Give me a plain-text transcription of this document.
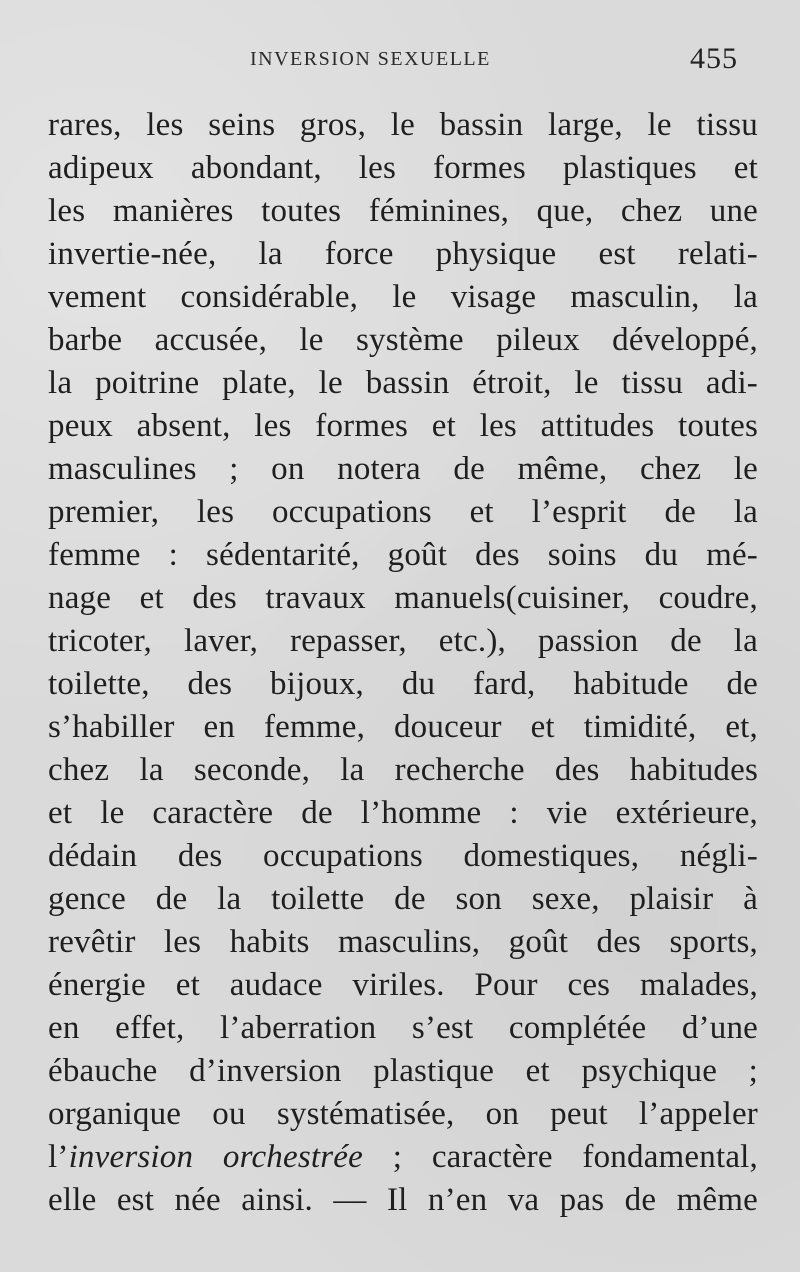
INVERSION SEXUELLE	455
rares, les seins gros, le bassin large, le tissu
adipeux abondant, les formes plastiques et
les manières toutes féminines, que, chez une
invertie-née, la force physique est relati-
vement considérable, le visage masculin, la
barbe accusée, le système pileux développé,
la poitrine plate, le bassin étroit, le tissu adi-
peux absent, les formes et les attitudes toutes
masculines ; on notera de même, chez le
premier, les occupations et l’esprit de la
femme : sédentarité, goût des soins du mé-
nage et des travaux manuels(cuisiner, coudre,
tricoter, laver, repasser, etc.), passion de la
toilette, des bijoux, du fard, habitude de
s’habiller en femme, douceur et timidité, et,
chez la seconde, la recherche des habitudes
et le caractère de l’homme : vie extérieure,
dédain des occupations domestiques, négli-
gence de la toilette de son sexe, plaisir à
revêtir les habits masculins, goût des sports,
énergie et audace viriles. Pour ces malades,
en effet, l’aberration s’est complétée d’une
ébauche d’inversion plastique et psychique ;
organique ou systématisée, on peut l’appeler
l’inversion orchestrée ; caractère fondamental,
elle est née ainsi. — Il n’en va pas de même
